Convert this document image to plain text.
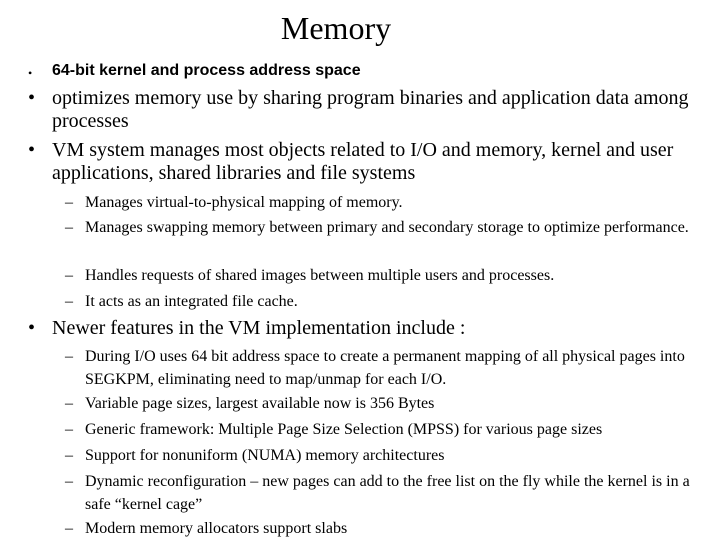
Memory
• 64-bit kernel and process address space
• optimizes memory use by sharing program binaries and application data among processes
• VM system manages most objects related to I/O and memory, kernel and user applications, shared libraries and file systems
– Manages virtual-to-physical mapping of memory.
– Manages swapping memory between primary and secondary storage to optimize performance.
– Handles requests of shared images between multiple users and processes.
– It acts as an integrated file cache.
• Newer features in the VM implementation include :
– During I/O uses 64 bit address space to create a permanent mapping of all physical pages into SEGKPM, eliminating need to map/unmap for each I/O.
– Variable page sizes, largest available now is 356 Bytes
– Generic framework: Multiple Page Size Selection (MPSS) for various page sizes
– Support for nonuniform (NUMA) memory architectures
– Dynamic reconfiguration – new pages can add to the free list on the fly while the kernel is in a safe “kernel cage”
– Modern memory allocators support slabs
